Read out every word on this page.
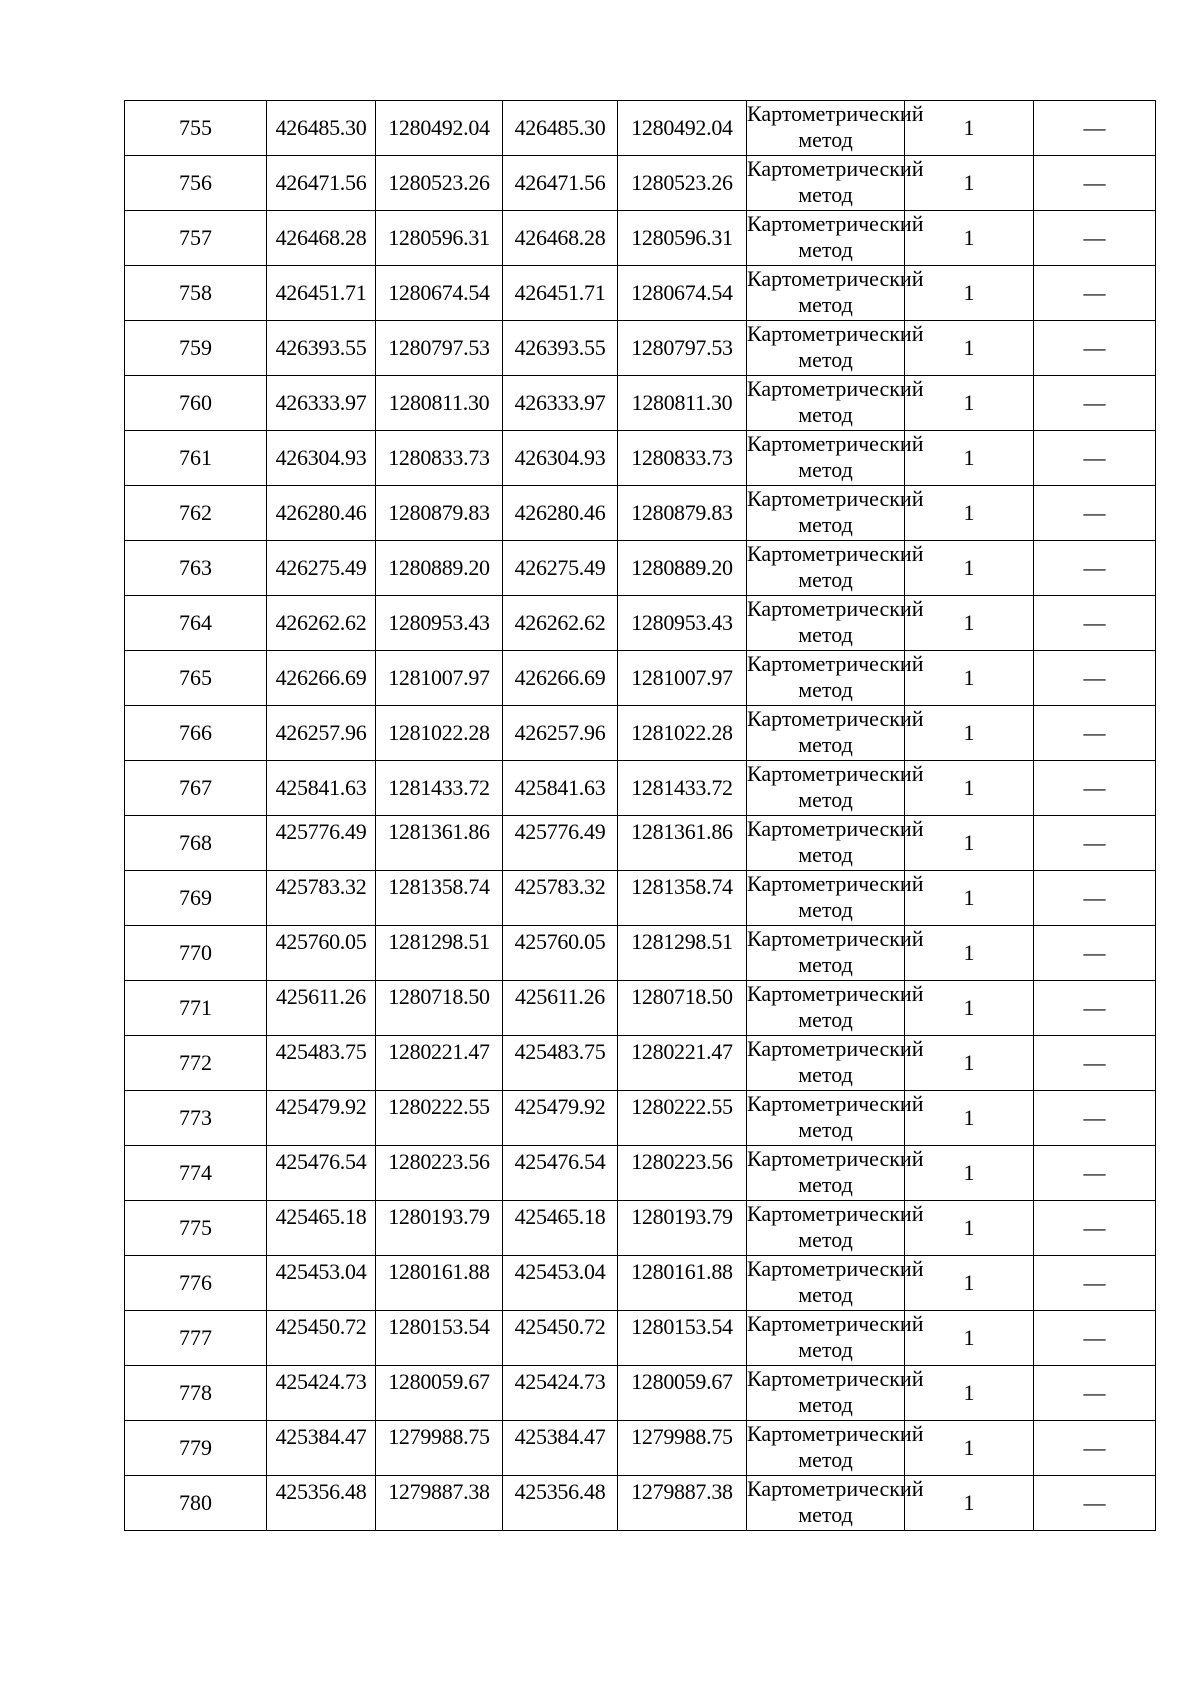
755	426485.30	1280492.04	426485.30	1280492.04	Картометрический метод	1	—
756	426471.56	1280523.26	426471.56	1280523.26	Картометрический метод	1	—
757	426468.28	1280596.31	426468.28	1280596.31	Картометрический метод	1	—
758	426451.71	1280674.54	426451.71	1280674.54	Картометрический метод	1	—
759	426393.55	1280797.53	426393.55	1280797.53	Картометрический метод	1	—
760	426333.97	1280811.30	426333.97	1280811.30	Картометрический метод	1	—
761	426304.93	1280833.73	426304.93	1280833.73	Картометрический метод	1	—
762	426280.46	1280879.83	426280.46	1280879.83	Картометрический метод	1	—
763	426275.49	1280889.20	426275.49	1280889.20	Картометрический метод	1	—
764	426262.62	1280953.43	426262.62	1280953.43	Картометрический метод	1	—
765	426266.69	1281007.97	426266.69	1281007.97	Картометрический метод	1	—
766	426257.96	1281022.28	426257.96	1281022.28	Картометрический метод	1	—
767	425841.63	1281433.72	425841.63	1281433.72	Картометрический метод	1	—
768	425776.49	1281361.86	425776.49	1281361.86	Картометрический метод	1	—
769	425783.32	1281358.74	425783.32	1281358.74	Картометрический метод	1	—
770	425760.05	1281298.51	425760.05	1281298.51	Картометрический метод	1	—
771	425611.26	1280718.50	425611.26	1280718.50	Картометрический метод	1	—
772	425483.75	1280221.47	425483.75	1280221.47	Картометрический метод	1	—
773	425479.92	1280222.55	425479.92	1280222.55	Картометрический метод	1	—
774	425476.54	1280223.56	425476.54	1280223.56	Картометрический метод	1	—
775	425465.18	1280193.79	425465.18	1280193.79	Картометрический метод	1	—
776	425453.04	1280161.88	425453.04	1280161.88	Картометрический метод	1	—
777	425450.72	1280153.54	425450.72	1280153.54	Картометрический метод	1	—
778	425424.73	1280059.67	425424.73	1280059.67	Картометрический метод	1	—
779	425384.47	1279988.75	425384.47	1279988.75	Картометрический метод	1	—
780	425356.48	1279887.38	425356.48	1279887.38	Картометрический метод	1	—
